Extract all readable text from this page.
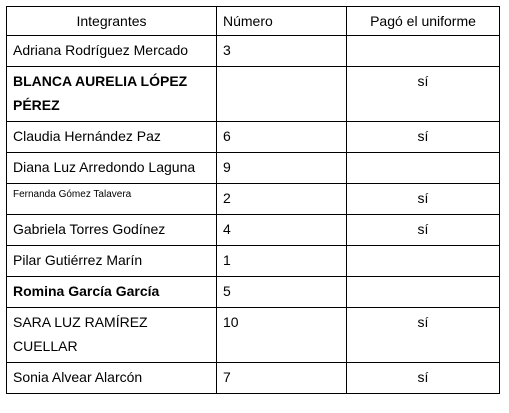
Integrantes	Número	Pagó el uniforme
Adriana Rodríguez Mercado	3	
BLANCA AURELIA LÓPEZ PÉREZ		sí
Claudia Hernández Paz	6	sí
Diana Luz Arredondo Laguna	9	
Fernanda Gómez Talavera	2	sí
Gabriela Torres Godínez	4	sí
Pilar Gutiérrez Marín	1	
Romina García García	5	
SARA LUZ RAMÍREZ CUELLAR	10	sí
Sonia Alvear Alarcón	7	sí
